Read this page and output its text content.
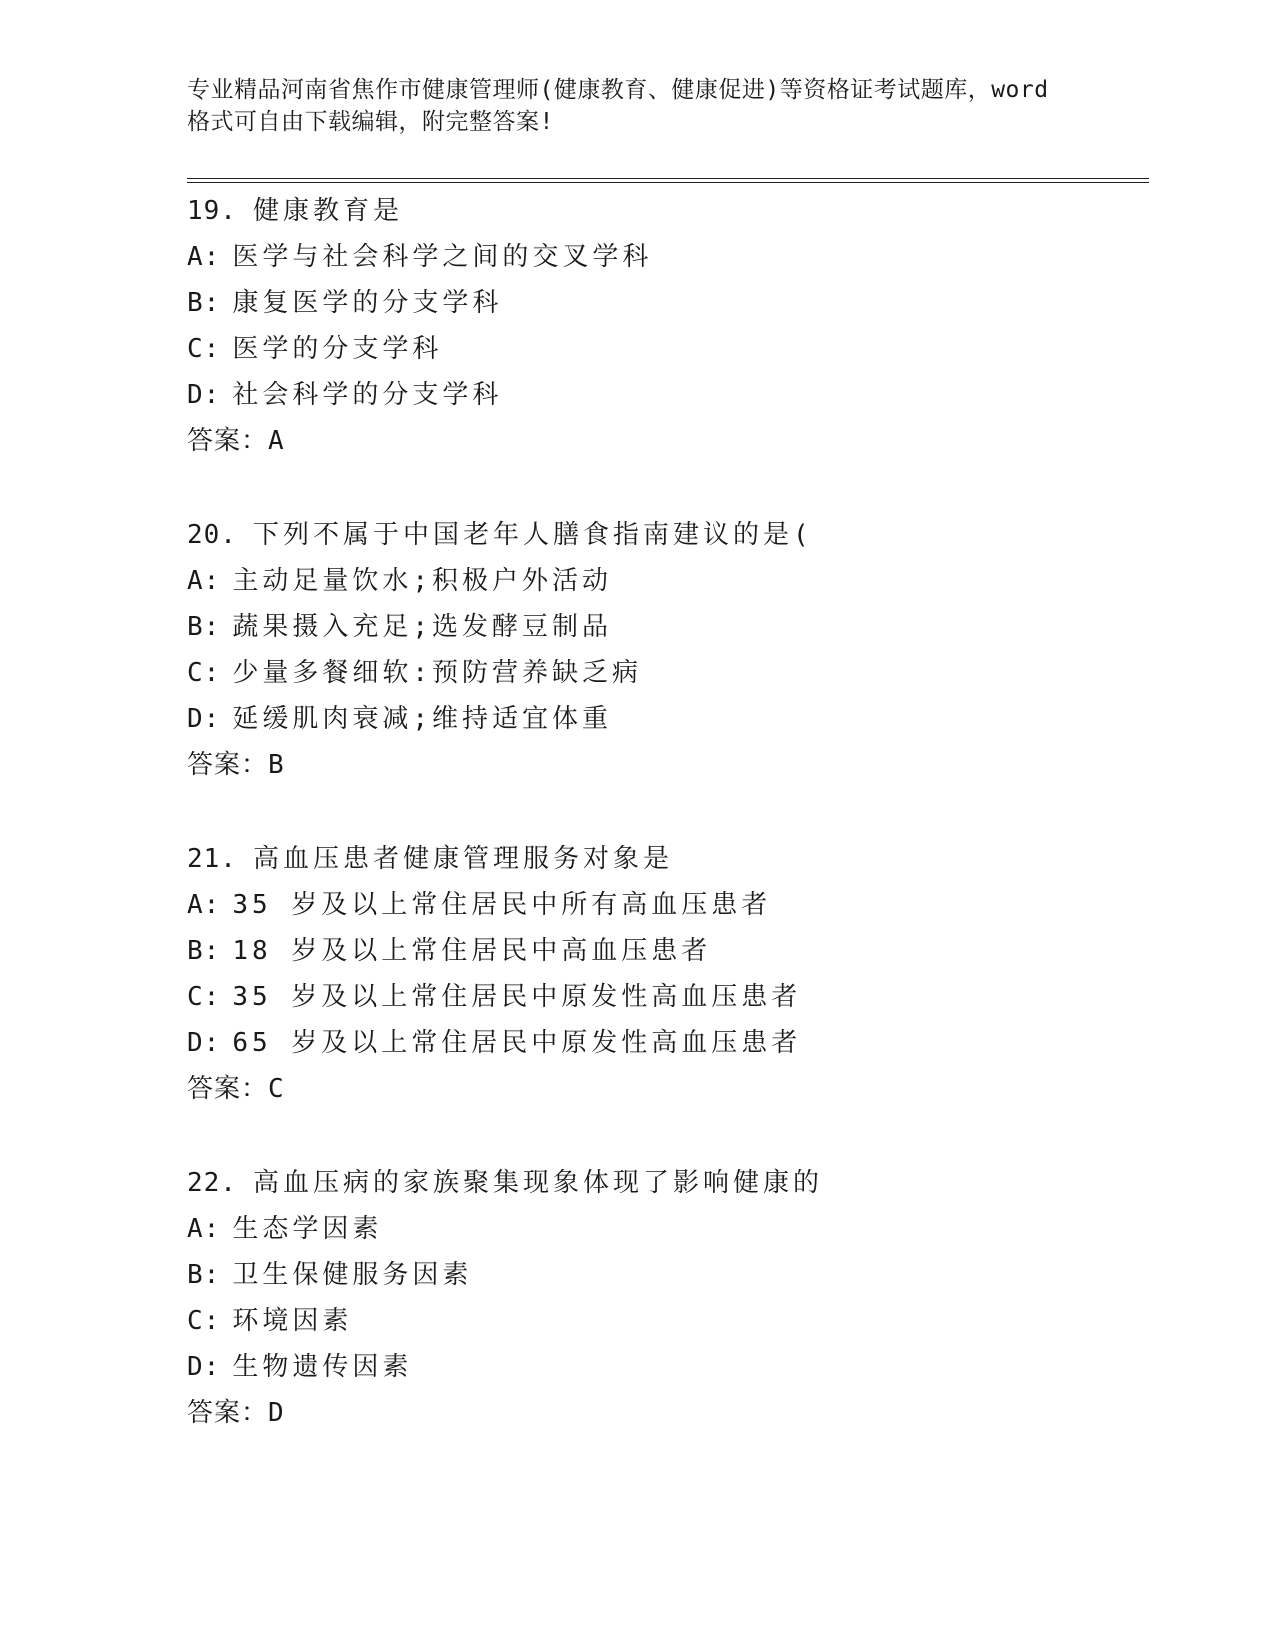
专业精品河南省焦作市健康管理师(健康教育、健康促进)等资格证考试题库，word
格式可自由下载编辑，附完整答案!
19. 健康教育是
A: 医学与社会科学之间的交叉学科
B: 康复医学的分支学科
C: 医学的分支学科
D: 社会科学的分支学科
答案：A
20. 下列不属于中国老年人膳食指南建议的是(
A: 主动足量饮水;积极户外活动
B: 蔬果摄入充足;选发酵豆制品
C: 少量多餐细软:预防营养缺乏病
D: 延缓肌肉衰减;维持适宜体重
答案：B
21. 高血压患者健康管理服务对象是
A: 35 岁及以上常住居民中所有高血压患者
B: 18 岁及以上常住居民中高血压患者
C: 35 岁及以上常住居民中原发性高血压患者
D: 65 岁及以上常住居民中原发性高血压患者
答案：C
22. 高血压病的家族聚集现象体现了影响健康的
A: 生态学因素
B: 卫生保健服务因素
C: 环境因素
D: 生物遗传因素
答案：D
